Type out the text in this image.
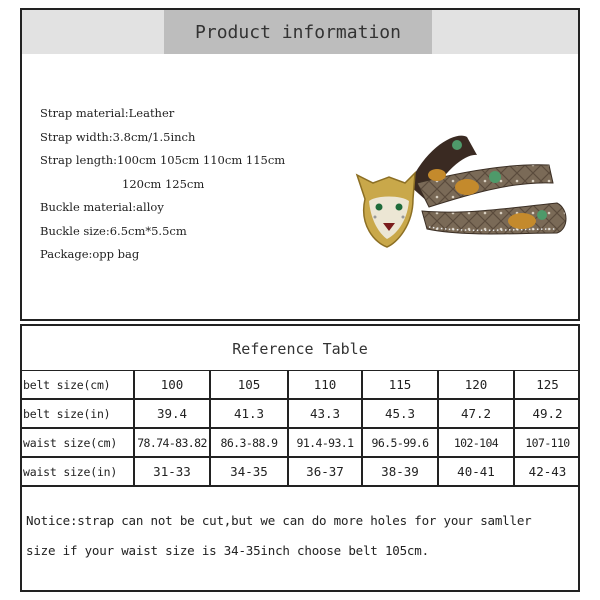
Product information
Strap material:Leather
Strap width:3.8cm/1.5inch
Strap length:100cm 105cm 110cm 115cm
120cm 125cm
Buckle material:alloy
Buckle size:6.5cm*5.5cm
Package:opp bag
Reference Table
belt size(cm)	100	105	110	115	120	125
belt size(in)	39.4	41.3	43.3	45.3	47.2	49.2
waist size(cm)	78.74-83.82	86.3-88.9	91.4-93.1	96.5-99.6	102-104	107-110
waist size(in)	31-33	34-35	36-37	38-39	40-41	42-43
Notice:strap can not be cut,but we can do more holes for your samller
size if your waist size is 34-35inch choose belt 105cm.
